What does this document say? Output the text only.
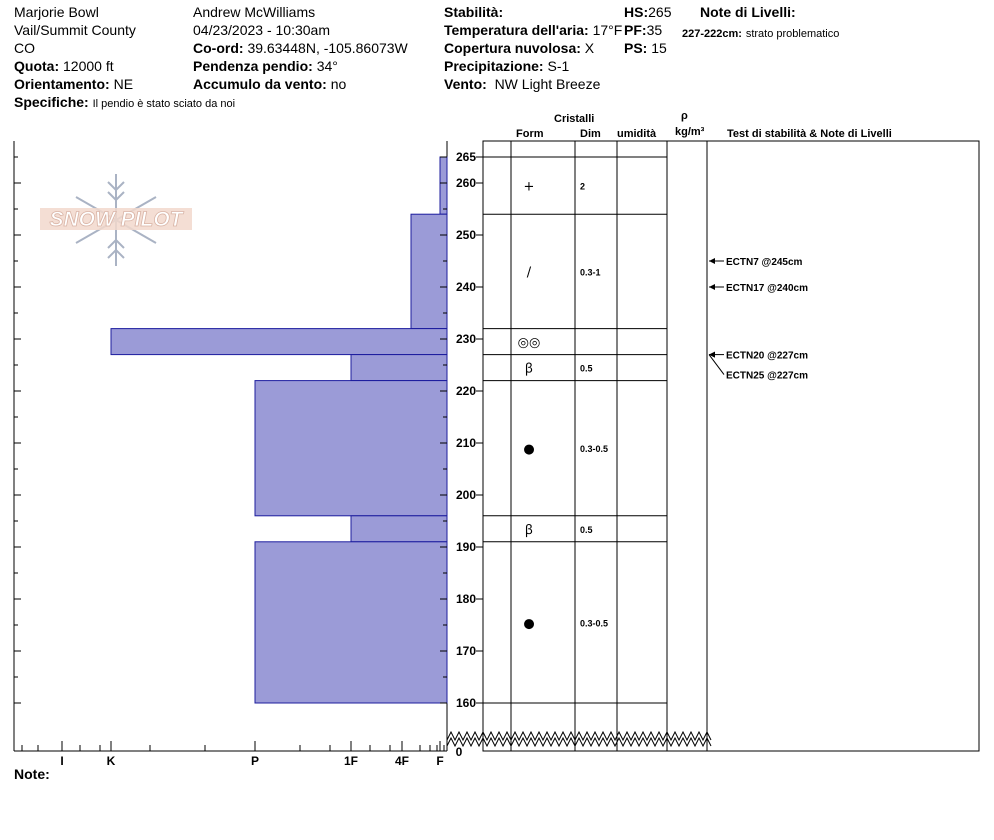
Marjorie Bowl
Vail/Summit County
CO
Quota: 12000 ft
Orientamento: NE
Specifiche: Il pendio è stato sciato da noi
Andrew McWilliams
04/23/2023 - 10:30am
Co-ord: 39.63448N, -105.86073W
Pendenza pendio: 34°
Accumulo da vento: no
Stabilità:
Temperatura dell'aria: 17°F
Copertura nuvolosa: X
Precipitazione: S-1
Vento: NW Light Breeze
HS:265
PF:35
PS: 15
Note di Livelli:
227-222cm: strato problematico
Cristalli
Form	Dim umidità
ρ
kg/m³ Test di stabilità & Note di Livelli
SNOW PILOT
I	K	P	1F	4F F
160
170
180
190
200
210
220
230
240
250
260
265
0
+	2
/	0.3-1
◎◎
ꞵ	0.5
●	0.3-0.5
ꞵ	0.5
●	0.3-0.5
ECTN7 @245cm
ECTN17 @240cm
ECTN20 @227cm
ECTN25 @227cm
Note:
